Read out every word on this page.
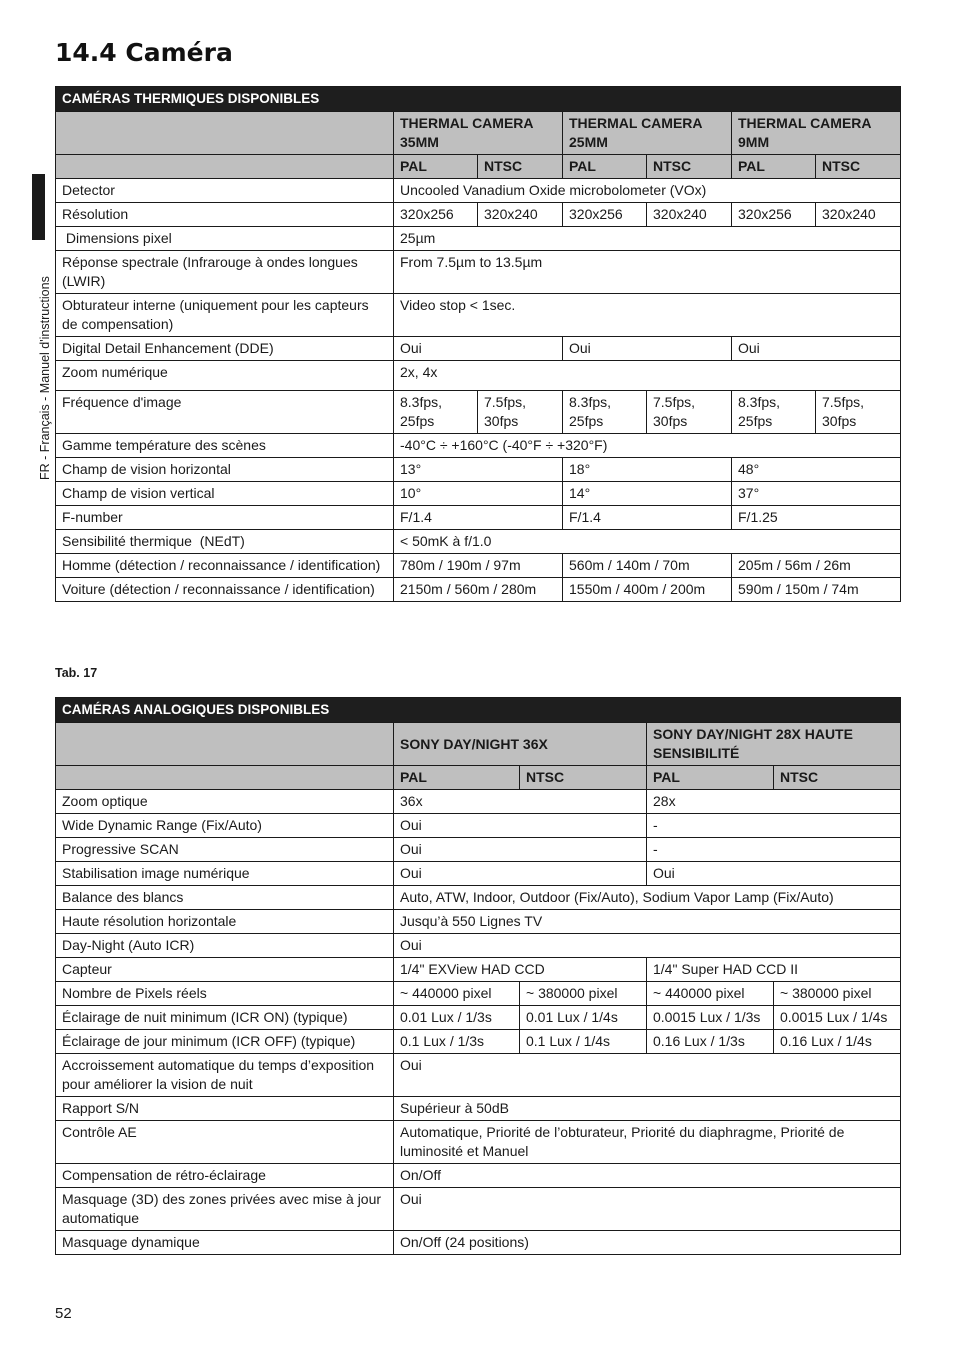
14.4 Caméra
FR - Français - Manuel d'instructions
CAMÉRAS THERMIQUES DISPONIBLES						
	THERMAL CAMERA 35MM		THERMAL CAMERA 25MM		THERMAL CAMERA 9MM	
	PAL	NTSC	PAL	NTSC	PAL	NTSC
Detector	Uncooled Vanadium Oxide microbolometer (VOx)					
Résolution	320x256	320x240	320x256	320x240	320x256	320x240
Dimensions pixel	25µm					
Réponse spectrale (Infrarouge à ondes longues (LWIR)	From 7.5µm to 13.5µm					
Obturateur interne (uniquement pour les capteurs de compensation)	Video stop < 1sec.					
Digital Detail Enhancement (DDE)	Oui		Oui		Oui	
Zoom numérique	2x, 4x					
Fréquence d'image	8.3fps, 25fps	7.5fps, 30fps	8.3fps, 25fps	7.5fps, 30fps	8.3fps, 25fps	7.5fps, 30fps
Gamme température des scènes	-40°C ÷ +160°C (-40°F ÷ +320°F)					
Champ de vision horizontal	13°		18°		48°	
Champ de vision vertical	10°		14°		37°	
F-number	F/1.4		F/1.4		F/1.25	
Sensibilité thermique  (NEdT)	< 50mK à f/1.0					
Homme (détection / reconnaissance / identification)	780m / 190m / 97m		560m / 140m / 70m		205m / 56m / 26m	
Voiture (détection / reconnaissance / identification)	2150m / 560m / 280m		1550m / 400m / 200m		590m / 150m / 74m	
Tab. 17
CAMÉRAS ANALOGIQUES DISPONIBLES				
	SONY DAY/NIGHT 36X		SONY DAY/NIGHT 28X HAUTE SENSIBILITÉ	
	PAL	NTSC	PAL	NTSC
Zoom optique	36x		28x	
Wide Dynamic Range (Fix/Auto)	Oui		-	
Progressive SCAN	Oui		-	
Stabilisation image numérique	Oui		Oui	
Balance des blancs	Auto, ATW, Indoor, Outdoor (Fix/Auto), Sodium Vapor Lamp (Fix/Auto)			
Haute résolution horizontale	Jusqu’à 550 Lignes TV			
Day-Night (Auto ICR)	Oui			
Capteur	1/4" EXView HAD CCD		1/4" Super HAD CCD II	
Nombre de Pixels réels	~ 440000 pixel	~ 380000 pixel	~ 440000 pixel	~ 380000 pixel
Éclairage de nuit minimum (ICR ON) (typique)	0.01 Lux / 1/3s	0.01 Lux / 1/4s	0.0015 Lux / 1/3s	0.0015 Lux / 1/4s
Éclairage de jour minimum (ICR OFF) (typique)	0.1 Lux / 1/3s	0.1 Lux / 1/4s	0.16 Lux / 1/3s	0.16 Lux / 1/4s
Accroissement automatique du temps d’exposition pour améliorer la vision de nuit	Oui			
Rapport S/N	Supérieur à 50dB			
Contrôle AE	Automatique, Priorité de l’obturateur, Priorité du diaphragme, Priorité de luminosité et Manuel			
Compensation de rétro-éclairage	On/Off			
Masquage (3D) des zones privées avec mise à jour automatique	Oui			
Masquage dynamique	On/Off (24 positions)			
52
